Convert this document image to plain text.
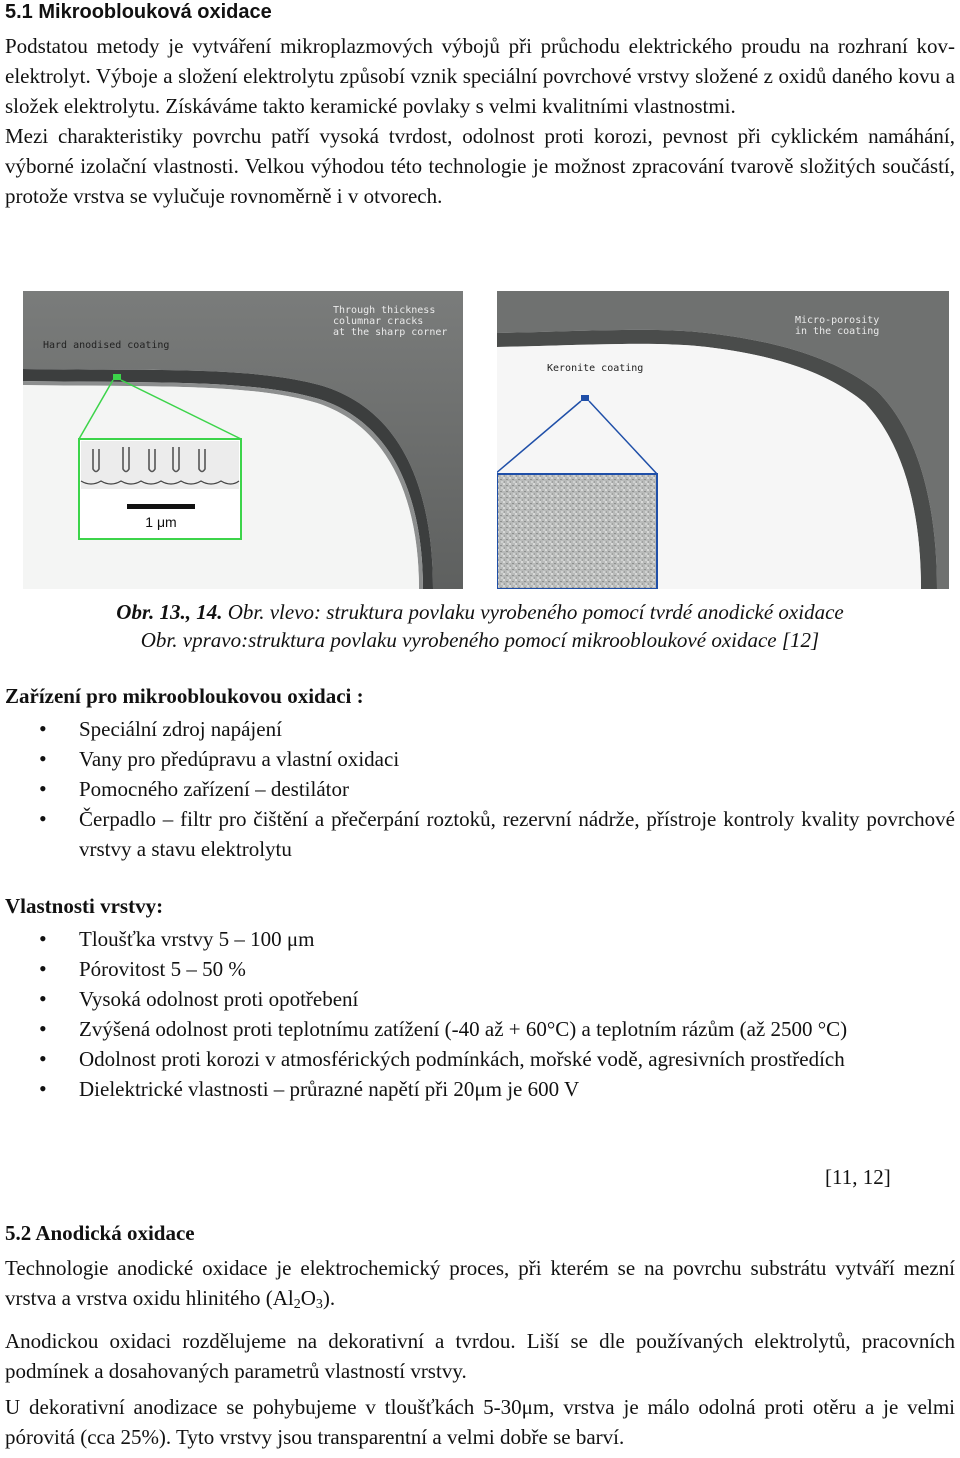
5.1 Mikrooblouková oxidace

Podstatou metody je vytváření mikroplazmových výbojů při průchodu elektrického proudu na rozhraní kov-elektrolyt. Výboje a složení elektrolytu způsobí vznik speciální povrchové vrstvy složené z oxidů daného kovu a složek elektrolytu. Získáváme takto keramické povlaky s velmi kvalitními vlastnostmi.

Mezi charakteristiky povrchu patří vysoká tvrdost, odolnost proti korozi, pevnost při cyklickém namáhání, výborné izolační vlastnosti. Velkou výhodou této technologie je možnost zpracování tvarově složitých součástí, protože vrstva se vylučuje rovnoměrně i v otvorech.

1 μm
Hard anodised coating
Through thickness
columnar cracks
at the sharp corner
Keronite coating
Micro-porosity
in the coating
Obr. 13., 14. Obr. vlevo: struktura povlaku vyrobeného pomocí tvrdé anodické oxidace
Obr. vpravo:struktura povlaku vyrobeného pomocí mikroobloukové oxidace [12]
Zařízení pro mikroobloukovou oxidaci :
• Speciální zdroj napájení
• Vany pro předúpravu a vlastní oxidaci
• Pomocného zařízení – destilátor
• Čerpadlo – filtr pro čištění a přečerpání roztoků, rezervní nádrže, přístroje kontroly kvality povrchové vrstvy a stavu elektrolytu
Vlastnosti vrstvy:
• Tloušťka vrstvy 5 – 100 μm
• Pórovitost 5 – 50 %
• Vysoká odolnost proti opotřebení
• Zvýšená odolnost proti teplotnímu zatížení (-40 až + 60°C) a teplotním rázům (až 2500 °C)
• Odolnost proti korozi v atmosférických podmínkách, mořské vodě, agresivních prostředích
• Dielektrické vlastnosti – průrazné napětí při 20μm je 600 V
[11, 12]
5.2 Anodická oxidace

Technologie anodické oxidace je elektrochemický proces, při kterém se na povrchu substrátu vytváří mezní vrstva a vrstva oxidu hlinitého $(Al_2O_3)$.

Anodickou oxidaci rozdělujeme na dekorativní a tvrdou. Liší se dle používaných elektrolytů, pracovních podmínek a dosahovaných parametrů vlastností vrstvy.

U dekorativní anodizace se pohybujeme v tloušťkách 5-30μm, vrstva je málo odolná proti otěru a je velmi pórovitá (cca 25%). Tyto vrstvy jsou transparentní a velmi dobře se barví.
